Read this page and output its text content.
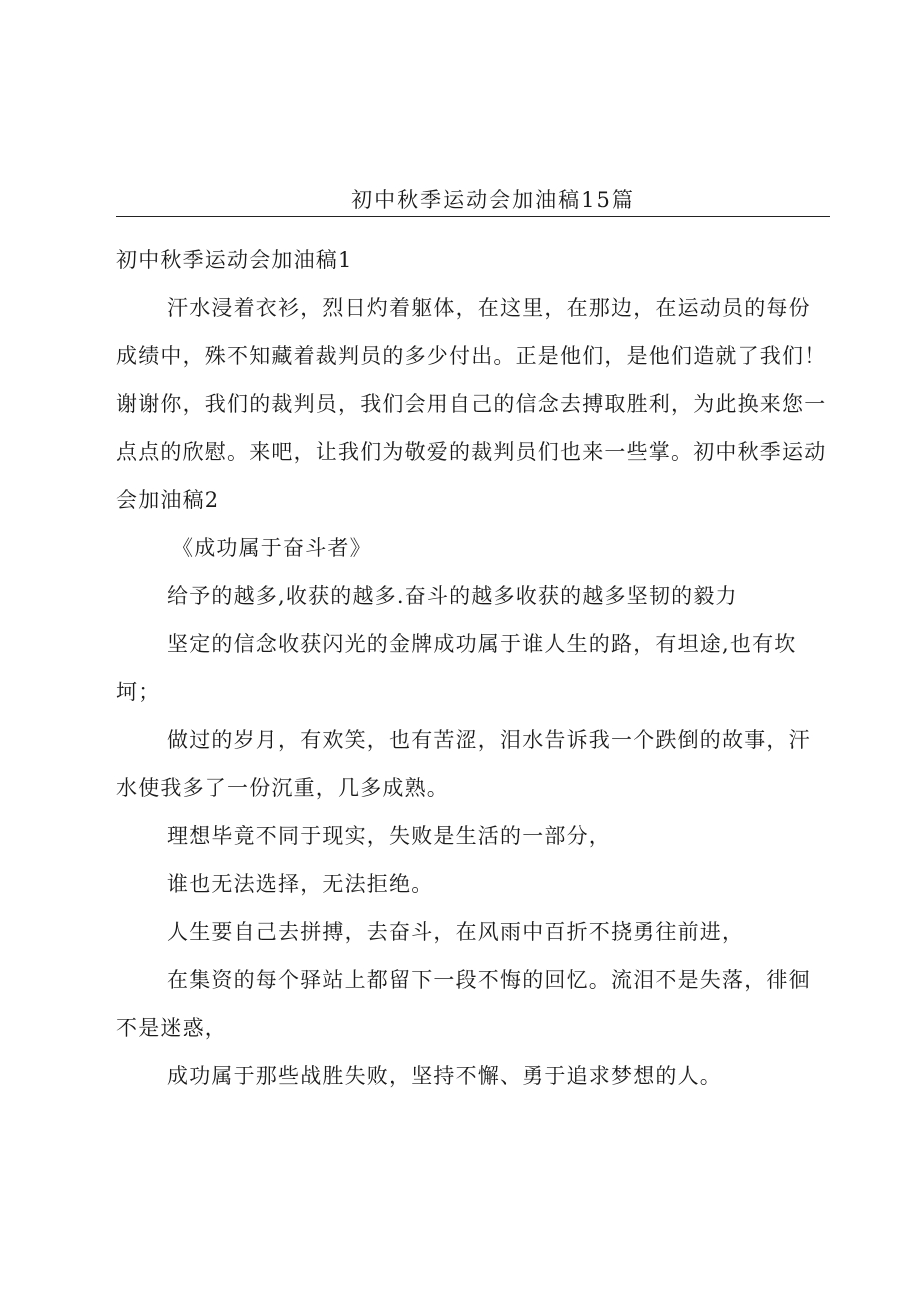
初中秋季运动会加油稿15篇

初中秋季运动会加油稿1

汗水浸着衣衫，烈日灼着躯体，在这里，在那边，在运动员的每份成绩中，殊不知藏着裁判员的多少付出。正是他们，是他们造就了我们！谢谢你，我们的裁判员，我们会用自己的信念去搏取胜利，为此换来您一点点的欣慰。来吧，让我们为敬爱的裁判员们也来一些掌。初中秋季运动会加油稿2

《成功属于奋斗者》

给予的越多,收获的越多.奋斗的越多收获的越多坚韧的毅力

坚定的信念收获闪光的金牌成功属于谁人生的路，有坦途,也有坎坷；

做过的岁月，有欢笑，也有苦涩，泪水告诉我一个跌倒的故事，汗水使我多了一份沉重，几多成熟。

理想毕竟不同于现实，失败是生活的一部分，

谁也无法选择，无法拒绝。

人生要自己去拼搏，去奋斗，在风雨中百折不挠勇往前进，

在集资的每个驿站上都留下一段不悔的回忆。流泪不是失落，徘徊不是迷惑，

成功属于那些战胜失败，坚持不懈、勇于追求梦想的人。
